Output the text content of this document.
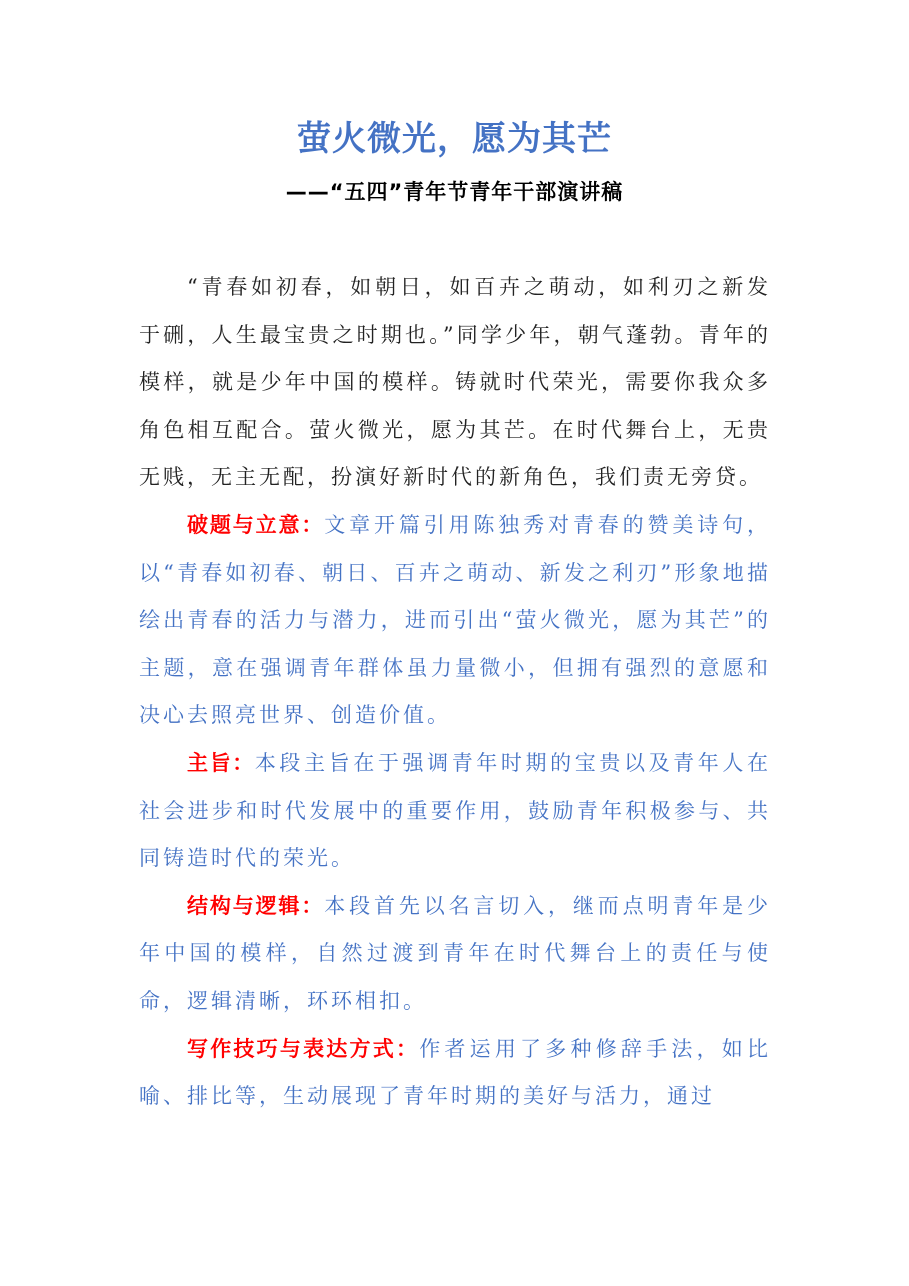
萤火微光，愿为其芒
——“五四”青年节青年干部演讲稿

“青春如初春，如朝日，如百卉之萌动，如利刃之新发于硎，人生最宝贵之时期也。”同学少年，朝气蓬勃。青年的模样，就是少年中国的模样。铸就时代荣光，需要你我众多角色相互配合。萤火微光，愿为其芒。在时代舞台上，无贵无贱，无主无配，扮演好新时代的新角色，我们责无旁贷。

破题与立意：文章开篇引用陈独秀对青春的赞美诗句，以“青春如初春、朝日、百卉之萌动、新发之利刃”形象地描绘出青春的活力与潜力，进而引出“萤火微光，愿为其芒”的主题，意在强调青年群体虽力量微小，但拥有强烈的意愿和决心去照亮世界、创造价值。

主旨：本段主旨在于强调青年时期的宝贵以及青年人在社会进步和时代发展中的重要作用，鼓励青年积极参与、共同铸造时代的荣光。

结构与逻辑：本段首先以名言切入，继而点明青年是少年中国的模样，自然过渡到青年在时代舞台上的责任与使命，逻辑清晰，环环相扣。

写作技巧与表达方式：作者运用了多种修辞手法，如比喻、排比等，生动展现了青年时期的美好与活力，通过
